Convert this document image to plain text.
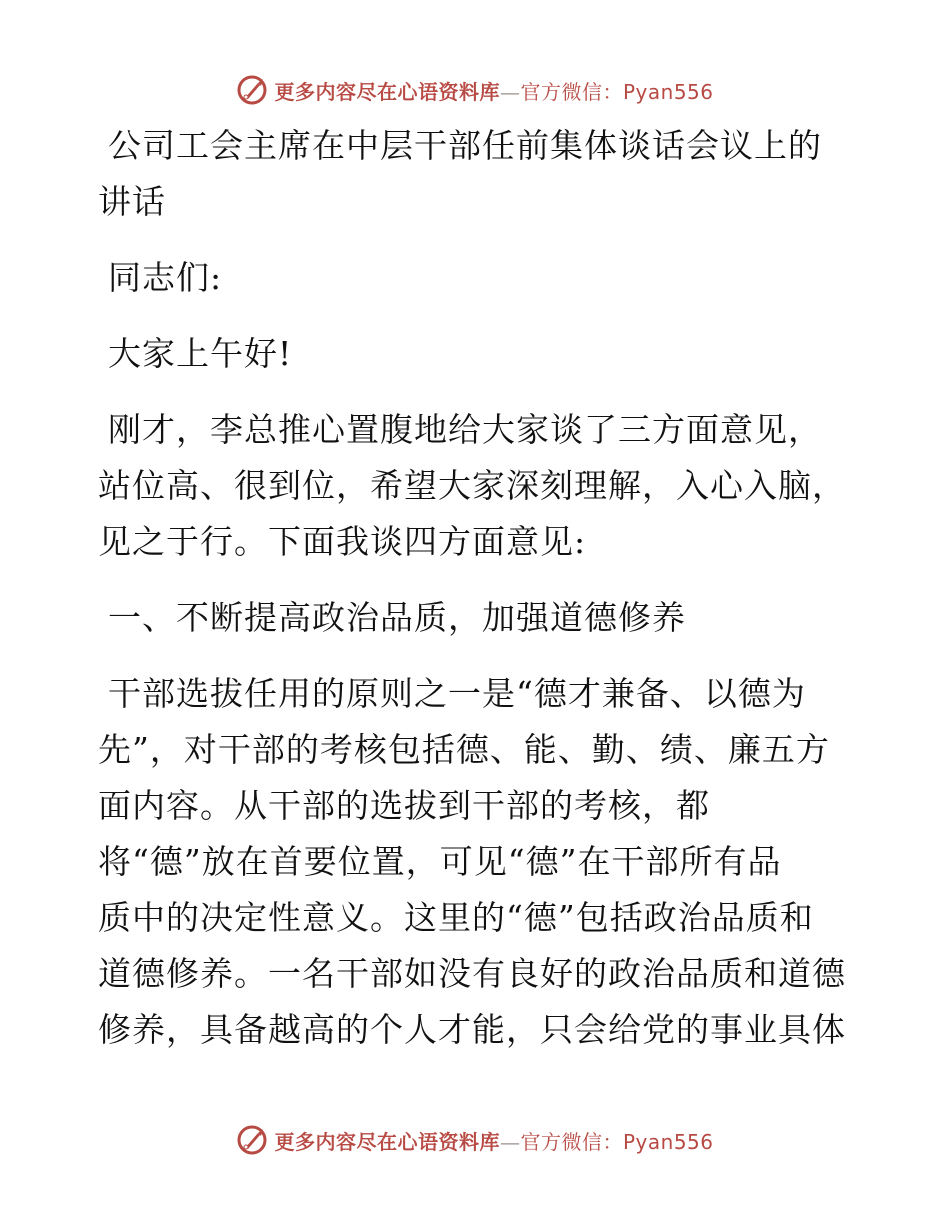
更多内容尽在心语资料库—官方微信：Pyan556

公司工会主席在中层干部任前集体谈话会议上的

讲话

同志们:

大家上午好!

刚才，李总推心置腹地给大家谈了三方面意见，

站位高、很到位，希望大家深刻理解，入心入脑，

见之于行。下面我谈四方面意见:

一、不断提高政治品质，加强道德修养

干部选拔任用的原则之一是“德才兼备、以德为

先”，对干部的考核包括德、能、勤、绩、廉五方

面内容。从干部的选拔到干部的考核，都

将“德”放在首要位置，可见“德”在干部所有品

质中的决定性意义。这里的“德”包括政治品质和

道德修养。一名干部如没有良好的政治品质和道德

修养，具备越高的个人才能，只会给党的事业具体

更多内容尽在心语资料库—官方微信：Pyan556
